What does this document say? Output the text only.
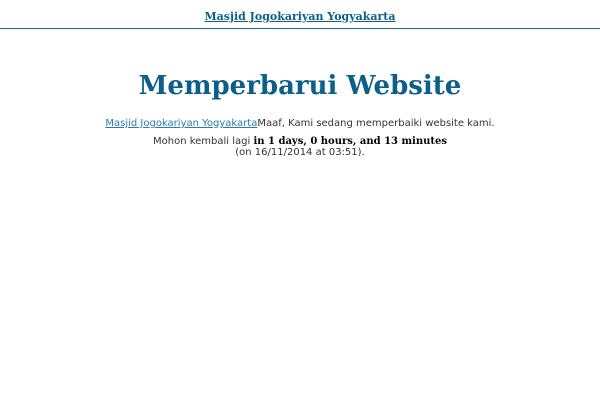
Masjid Jogokariyan Yogyakarta
Memperbarui Website
Masjid Jogokariyan YogyakartaMaaf, Kami sedang memperbaiki website kami.
Mohon kembali lagi in 1 days, 0 hours, and 13 minutes
(on 16/11/2014 at 03:51).
